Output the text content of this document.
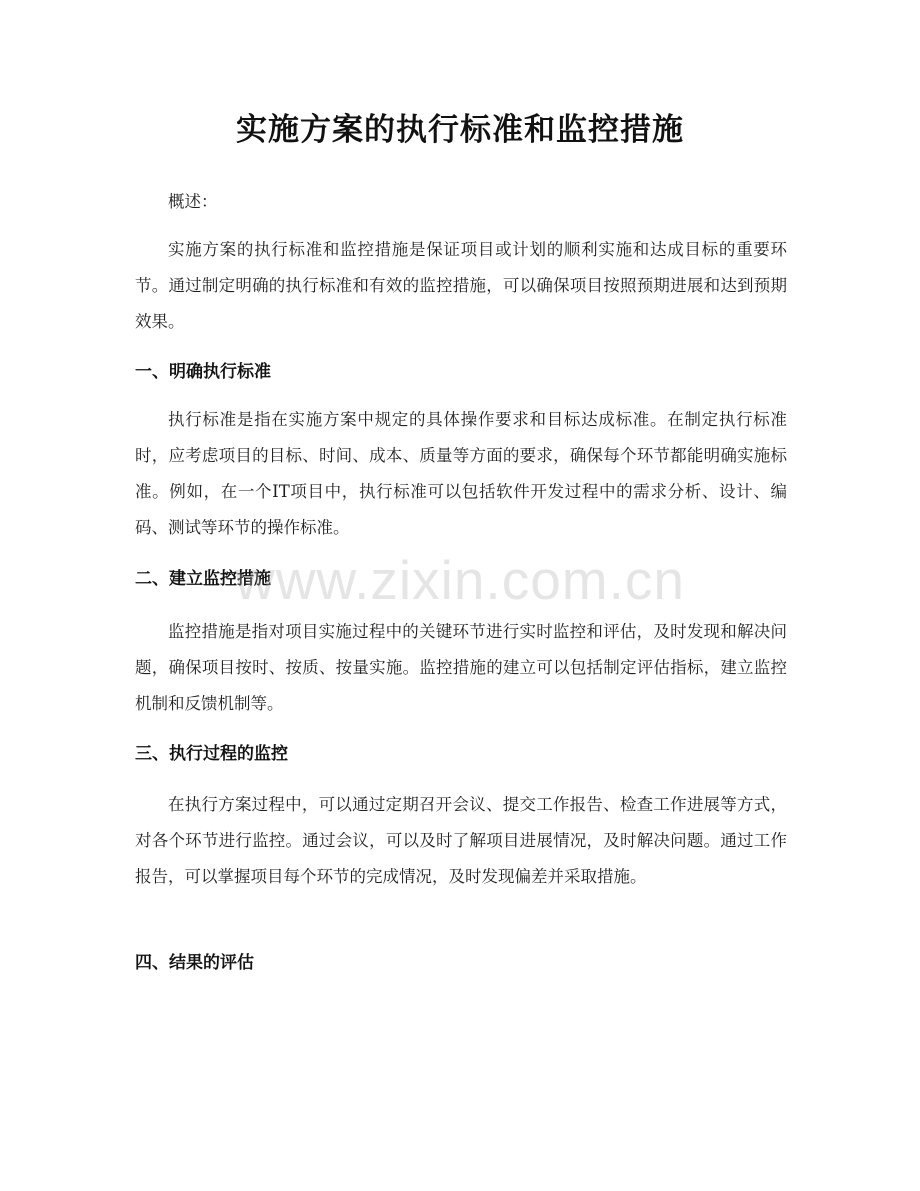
实施方案的执行标准和监控措施

概述：

实施方案的执行标准和监控措施是保证项目或计划的顺利实施和达成目标的重要环节。通过制定明确的执行标准和有效的监控措施，可以确保项目按照预期进展和达到预期效果。

一、明确执行标准

执行标准是指在实施方案中规定的具体操作要求和目标达成标准。在制定执行标准时，应考虑项目的目标、时间、成本、质量等方面的要求，确保每个环节都能明确实施标准。例如，在一个IT项目中，执行标准可以包括软件开发过程中的需求分析、设计、编码、测试等环节的操作标准。

二、建立监控措施

监控措施是指对项目实施过程中的关键环节进行实时监控和评估，及时发现和解决问题，确保项目按时、按质、按量实施。监控措施的建立可以包括制定评估指标，建立监控机制和反馈机制等。

三、执行过程的监控

在执行方案过程中，可以通过定期召开会议、提交工作报告、检查工作进展等方式，对各个环节进行监控。通过会议，可以及时了解项目进展情况，及时解决问题。通过工作报告，可以掌握项目每个环节的完成情况，及时发现偏差并采取措施。

四、结果的评估
www.zixin.com.cn
